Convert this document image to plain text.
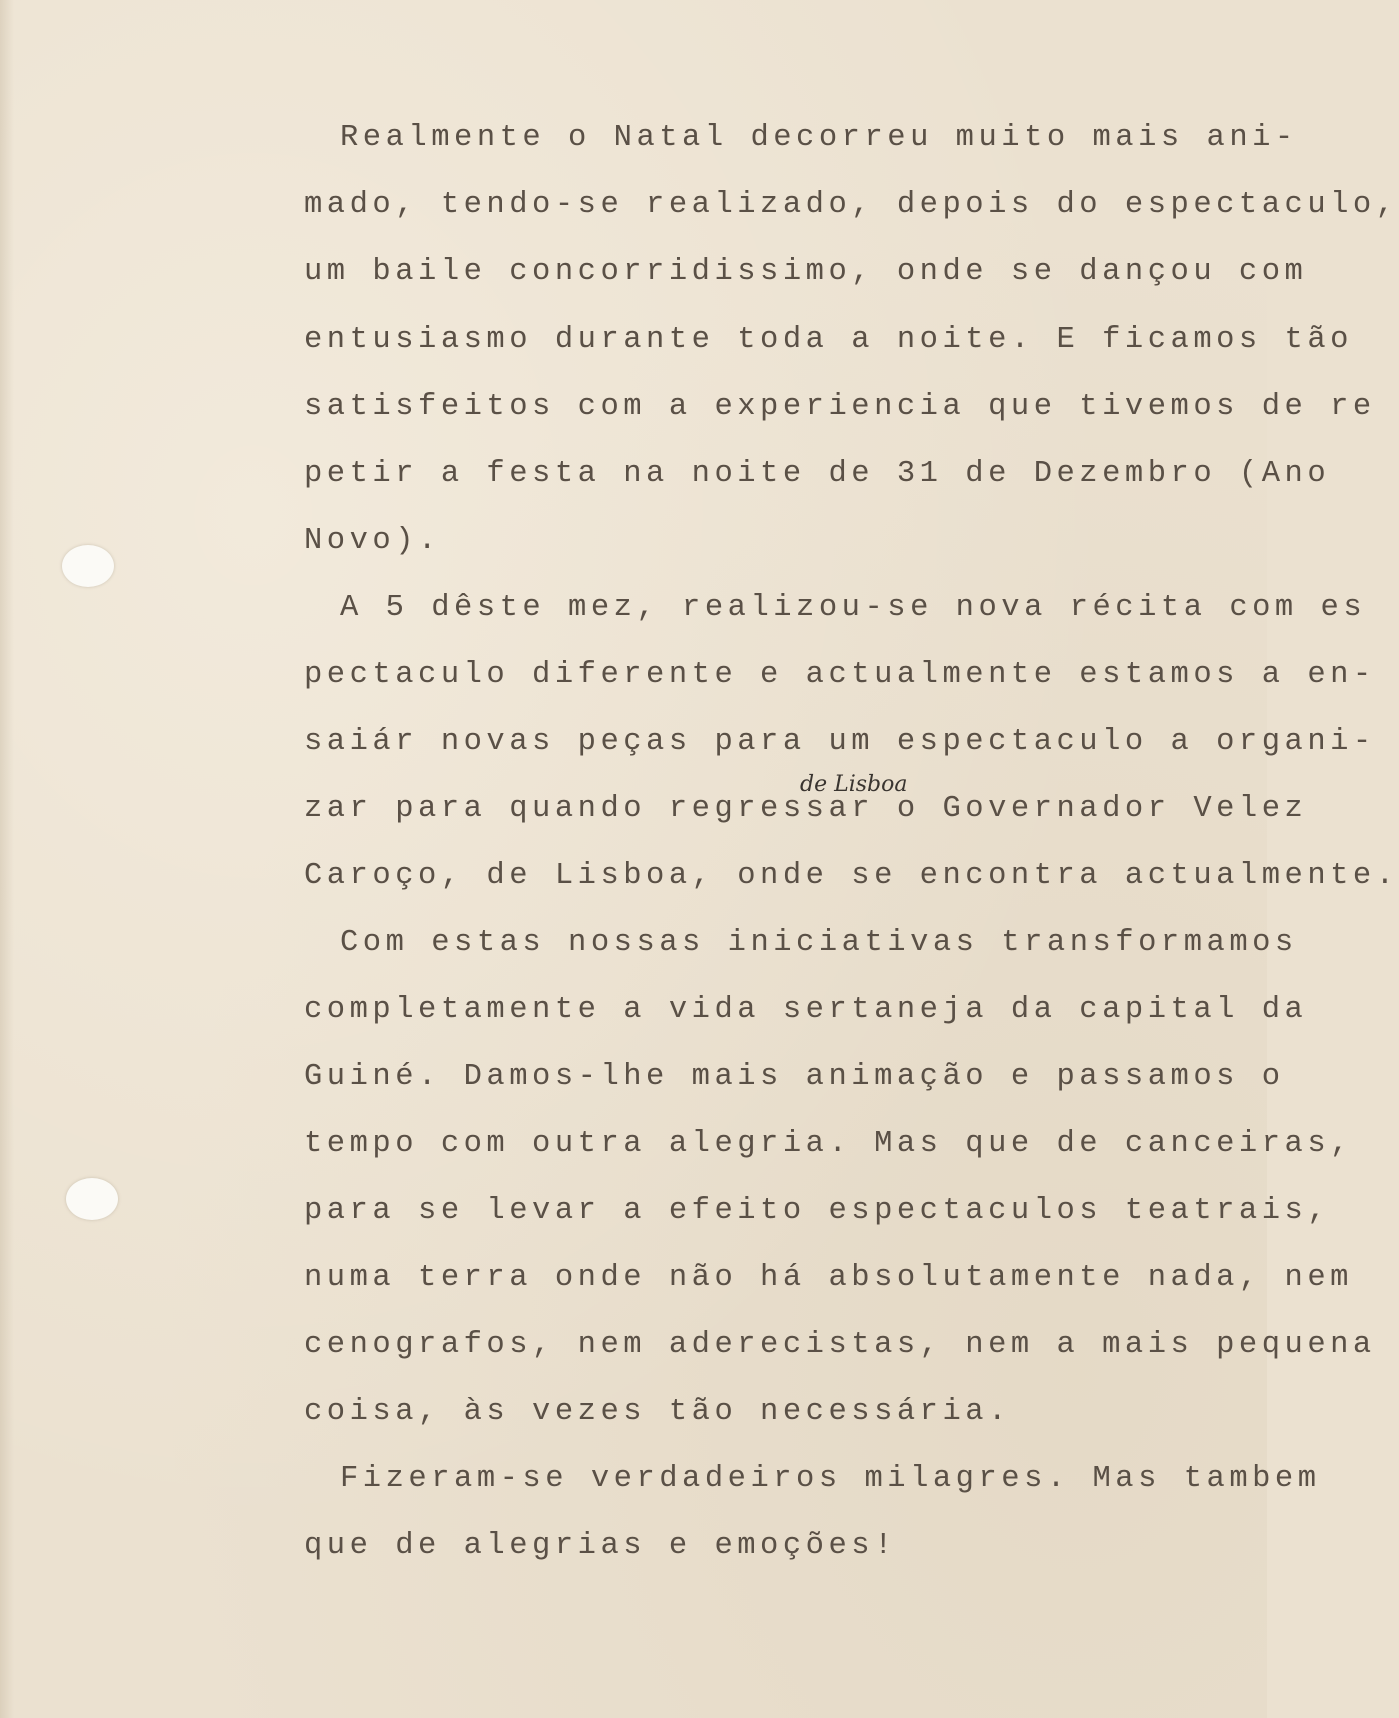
Realmente o Natal decorreu muito mais ani-
mado, tendo-se realizado, depois do espectaculo,
um baile concorridissimo, onde se dançou com
entusiasmo durante toda a noite. E ficamos tão
satisfeitos com a experiencia que tivemos de re
petir a festa na noite de 31 de Dezembro (Ano
Novo).
A 5 dêste mez, realizou-se nova récita com es
pectaculo diferente e actualmente estamos a en-
saiár novas peças para um espectaculo a organi-
zar para quando regressar o Governador Velez
Caroço, de Lisboa, onde se encontra actualmente.
Com estas nossas iniciativas transformamos
completamente a vida sertaneja da capital da
Guiné. Damos-lhe mais animação e passamos o
tempo com outra alegria. Mas que de canceiras,
para se levar a efeito espectaculos teatrais,
numa terra onde não há absolutamente nada, nem
cenografos, nem aderecistas, nem a mais pequena
coisa, às vezes tão necessária.
Fizeram-se verdadeiros milagres. Mas tambem
que de alegrias e emoções!
de Lisboa
